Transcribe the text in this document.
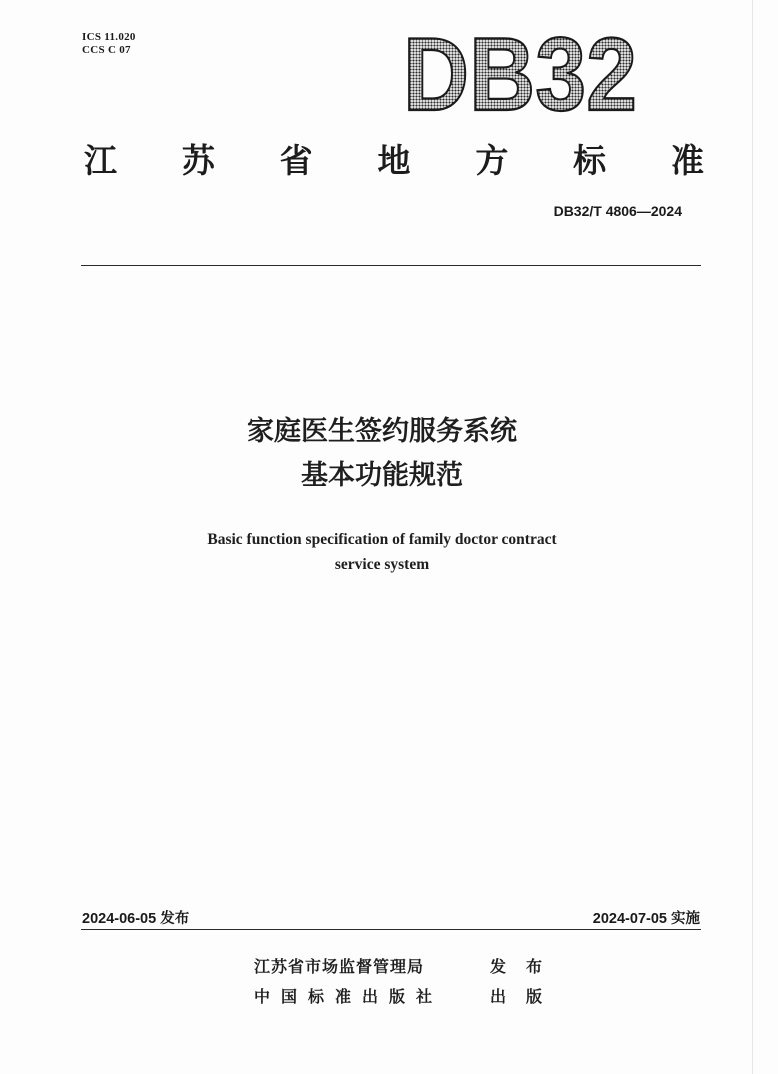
ICS 11.020
CCS C 07	DB32
江 苏 省 地 方 标 准
DB32/T 4806—2024
家庭医生签约服务系统
基本功能规范
Basic function specification of family doctor contract
service system
2024-06-05 发布	2024-07-05 实施
江苏省市场监督管理局	发布
中国标准出版社	出版
